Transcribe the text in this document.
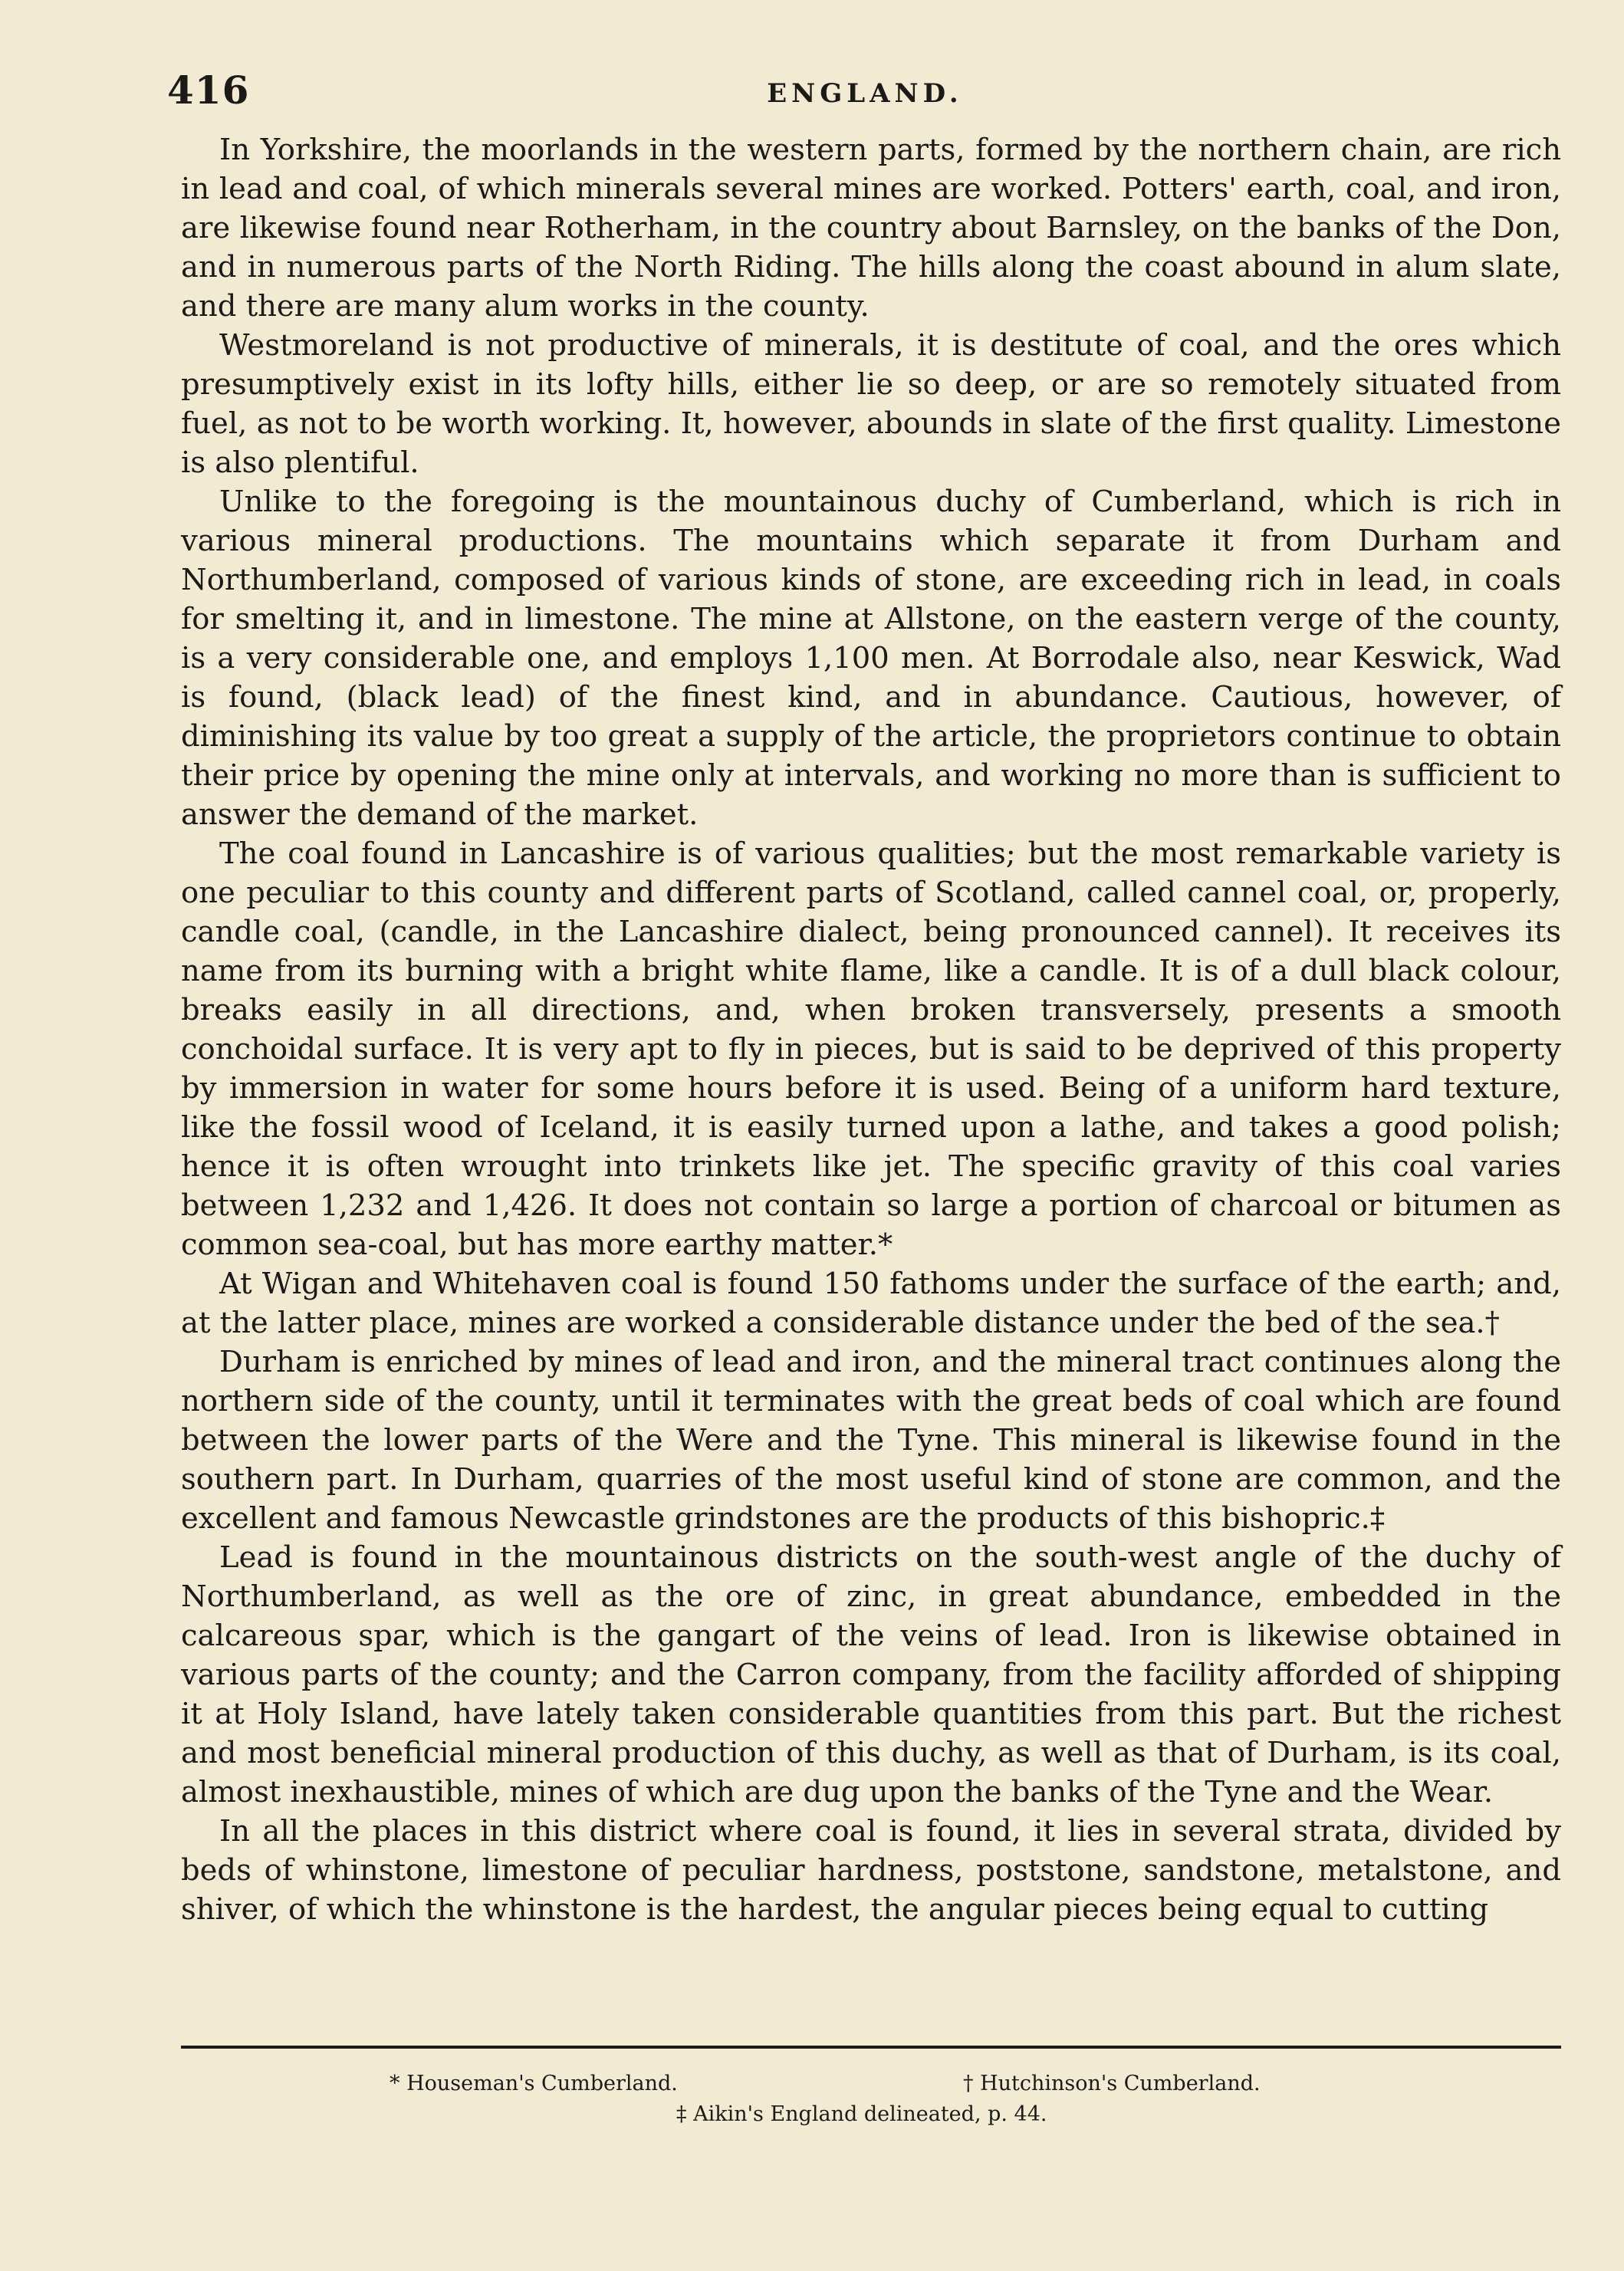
416	ENGLAND.

In Yorkshire, the moorlands in the western parts, formed by the northern chain, are rich in lead and coal, of which minerals several mines are worked. Potters' earth, coal, and iron, are likewise found near Rotherham, in the country about Barnsley, on the banks of the Don, and in numerous parts of the North Riding. The hills along the coast abound in alum slate, and there are many alum works in the county.

Westmoreland is not productive of minerals, it is destitute of coal, and the ores which presumptively exist in its lofty hills, either lie so deep, or are so remotely situated from fuel, as not to be worth working. It, however, abounds in slate of the first quality. Limestone is also plentiful.

Unlike to the foregoing is the mountainous duchy of Cumberland, which is rich in various mineral productions. The mountains which separate it from Durham and Northumberland, composed of various kinds of stone, are exceeding rich in lead, in coals for smelting it, and in limestone. The mine at Allstone, on the eastern verge of the county, is a very considerable one, and employs 1,100 men. At Borrodale also, near Keswick, Wad is found, (black lead) of the finest kind, and in abundance. Cautious, however, of diminishing its value by too great a supply of the article, the proprietors continue to obtain their price by opening the mine only at intervals, and working no more than is sufficient to answer the demand of the market.

The coal found in Lancashire is of various qualities; but the most remarkable variety is one peculiar to this county and different parts of Scotland, called cannel coal, or, properly, candle coal, (candle, in the Lancashire dialect, being pronounced cannel). It receives its name from its burning with a bright white flame, like a candle. It is of a dull black colour, breaks easily in all directions, and, when broken transversely, presents a smooth conchoidal surface. It is very apt to fly in pieces, but is said to be deprived of this property by immersion in water for some hours before it is used. Being of a uniform hard texture, like the fossil wood of Iceland, it is easily turned upon a lathe, and takes a good polish; hence it is often wrought into trinkets like jet. The specific gravity of this coal varies between 1,232 and 1,426. It does not contain so large a portion of charcoal or bitumen as common sea-coal, but has more earthy matter.*

At Wigan and Whitehaven coal is found 150 fathoms under the surface of the earth; and, at the latter place, mines are worked a considerable distance under the bed of the sea.†

Durham is enriched by mines of lead and iron, and the mineral tract continues along the northern side of the county, until it terminates with the great beds of coal which are found between the lower parts of the Were and the Tyne. This mineral is likewise found in the southern part. In Durham, quarries of the most useful kind of stone are common, and the excellent and famous Newcastle grindstones are the products of this bishopric.‡

Lead is found in the mountainous districts on the south-west angle of the duchy of Northumberland, as well as the ore of zinc, in great abundance, embedded in the calcareous spar, which is the gangart of the veins of lead. Iron is likewise obtained in various parts of the county; and the Carron company, from the facility afforded of shipping it at Holy Island, have lately taken considerable quantities from this part. But the richest and most beneficial mineral production of this duchy, as well as that of Durham, is its coal, almost inexhaustible, mines of which are dug upon the banks of the Tyne and the Wear.

In all the places in this district where coal is found, it lies in several strata, divided by beds of whinstone, limestone of peculiar hardness, poststone, sandstone, metalstone, and shiver, of which the whinstone is the hardest, the angular pieces being equal to cutting

* Houseman's Cumberland.	† Hutchinson's Cumberland.
‡ Aikin's England delineated, p. 44.
